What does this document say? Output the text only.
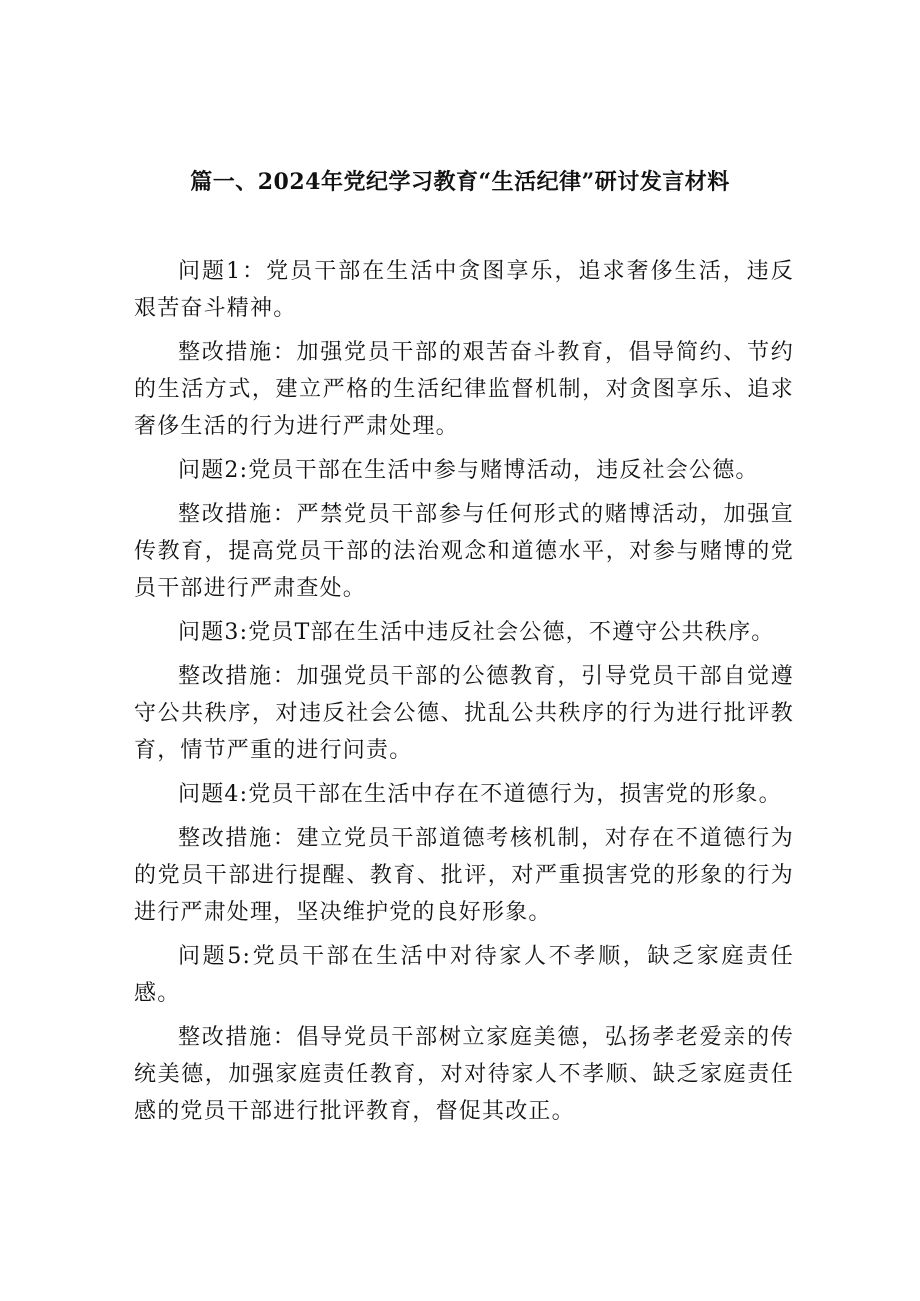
篇一、2024年党纪学习教育“生活纪律”研讨发言材料

问题1：党员干部在生活中贪图享乐，追求奢侈生活，违反艰苦奋斗精神。

整改措施：加强党员干部的艰苦奋斗教育，倡导简约、节约的生活方式，建立严格的生活纪律监督机制，对贪图享乐、追求奢侈生活的行为进行严肃处理。

问题2:党员干部在生活中参与赌博活动，违反社会公德。

整改措施：严禁党员干部参与任何形式的赌博活动，加强宣传教育，提高党员干部的法治观念和道德水平，对参与赌博的党员干部进行严肃查处。

问题3:党员T部在生活中违反社会公德，不遵守公共秩序。

整改措施：加强党员干部的公德教育，引导党员干部自觉遵守公共秩序，对违反社会公德、扰乱公共秩序的行为进行批评教育，情节严重的进行问责。

问题4:党员干部在生活中存在不道德行为，损害党的形象。

整改措施：建立党员干部道德考核机制，对存在不道德行为的党员干部进行提醒、教育、批评，对严重损害党的形象的行为进行严肃处理，坚决维护党的良好形象。

问题5:党员干部在生活中对待家人不孝顺，缺乏家庭责任感。

整改措施：倡导党员干部树立家庭美德，弘扬孝老爱亲的传统美德，加强家庭责任教育，对对待家人不孝顺、缺乏家庭责任感的党员干部进行批评教育，督促其改正。
